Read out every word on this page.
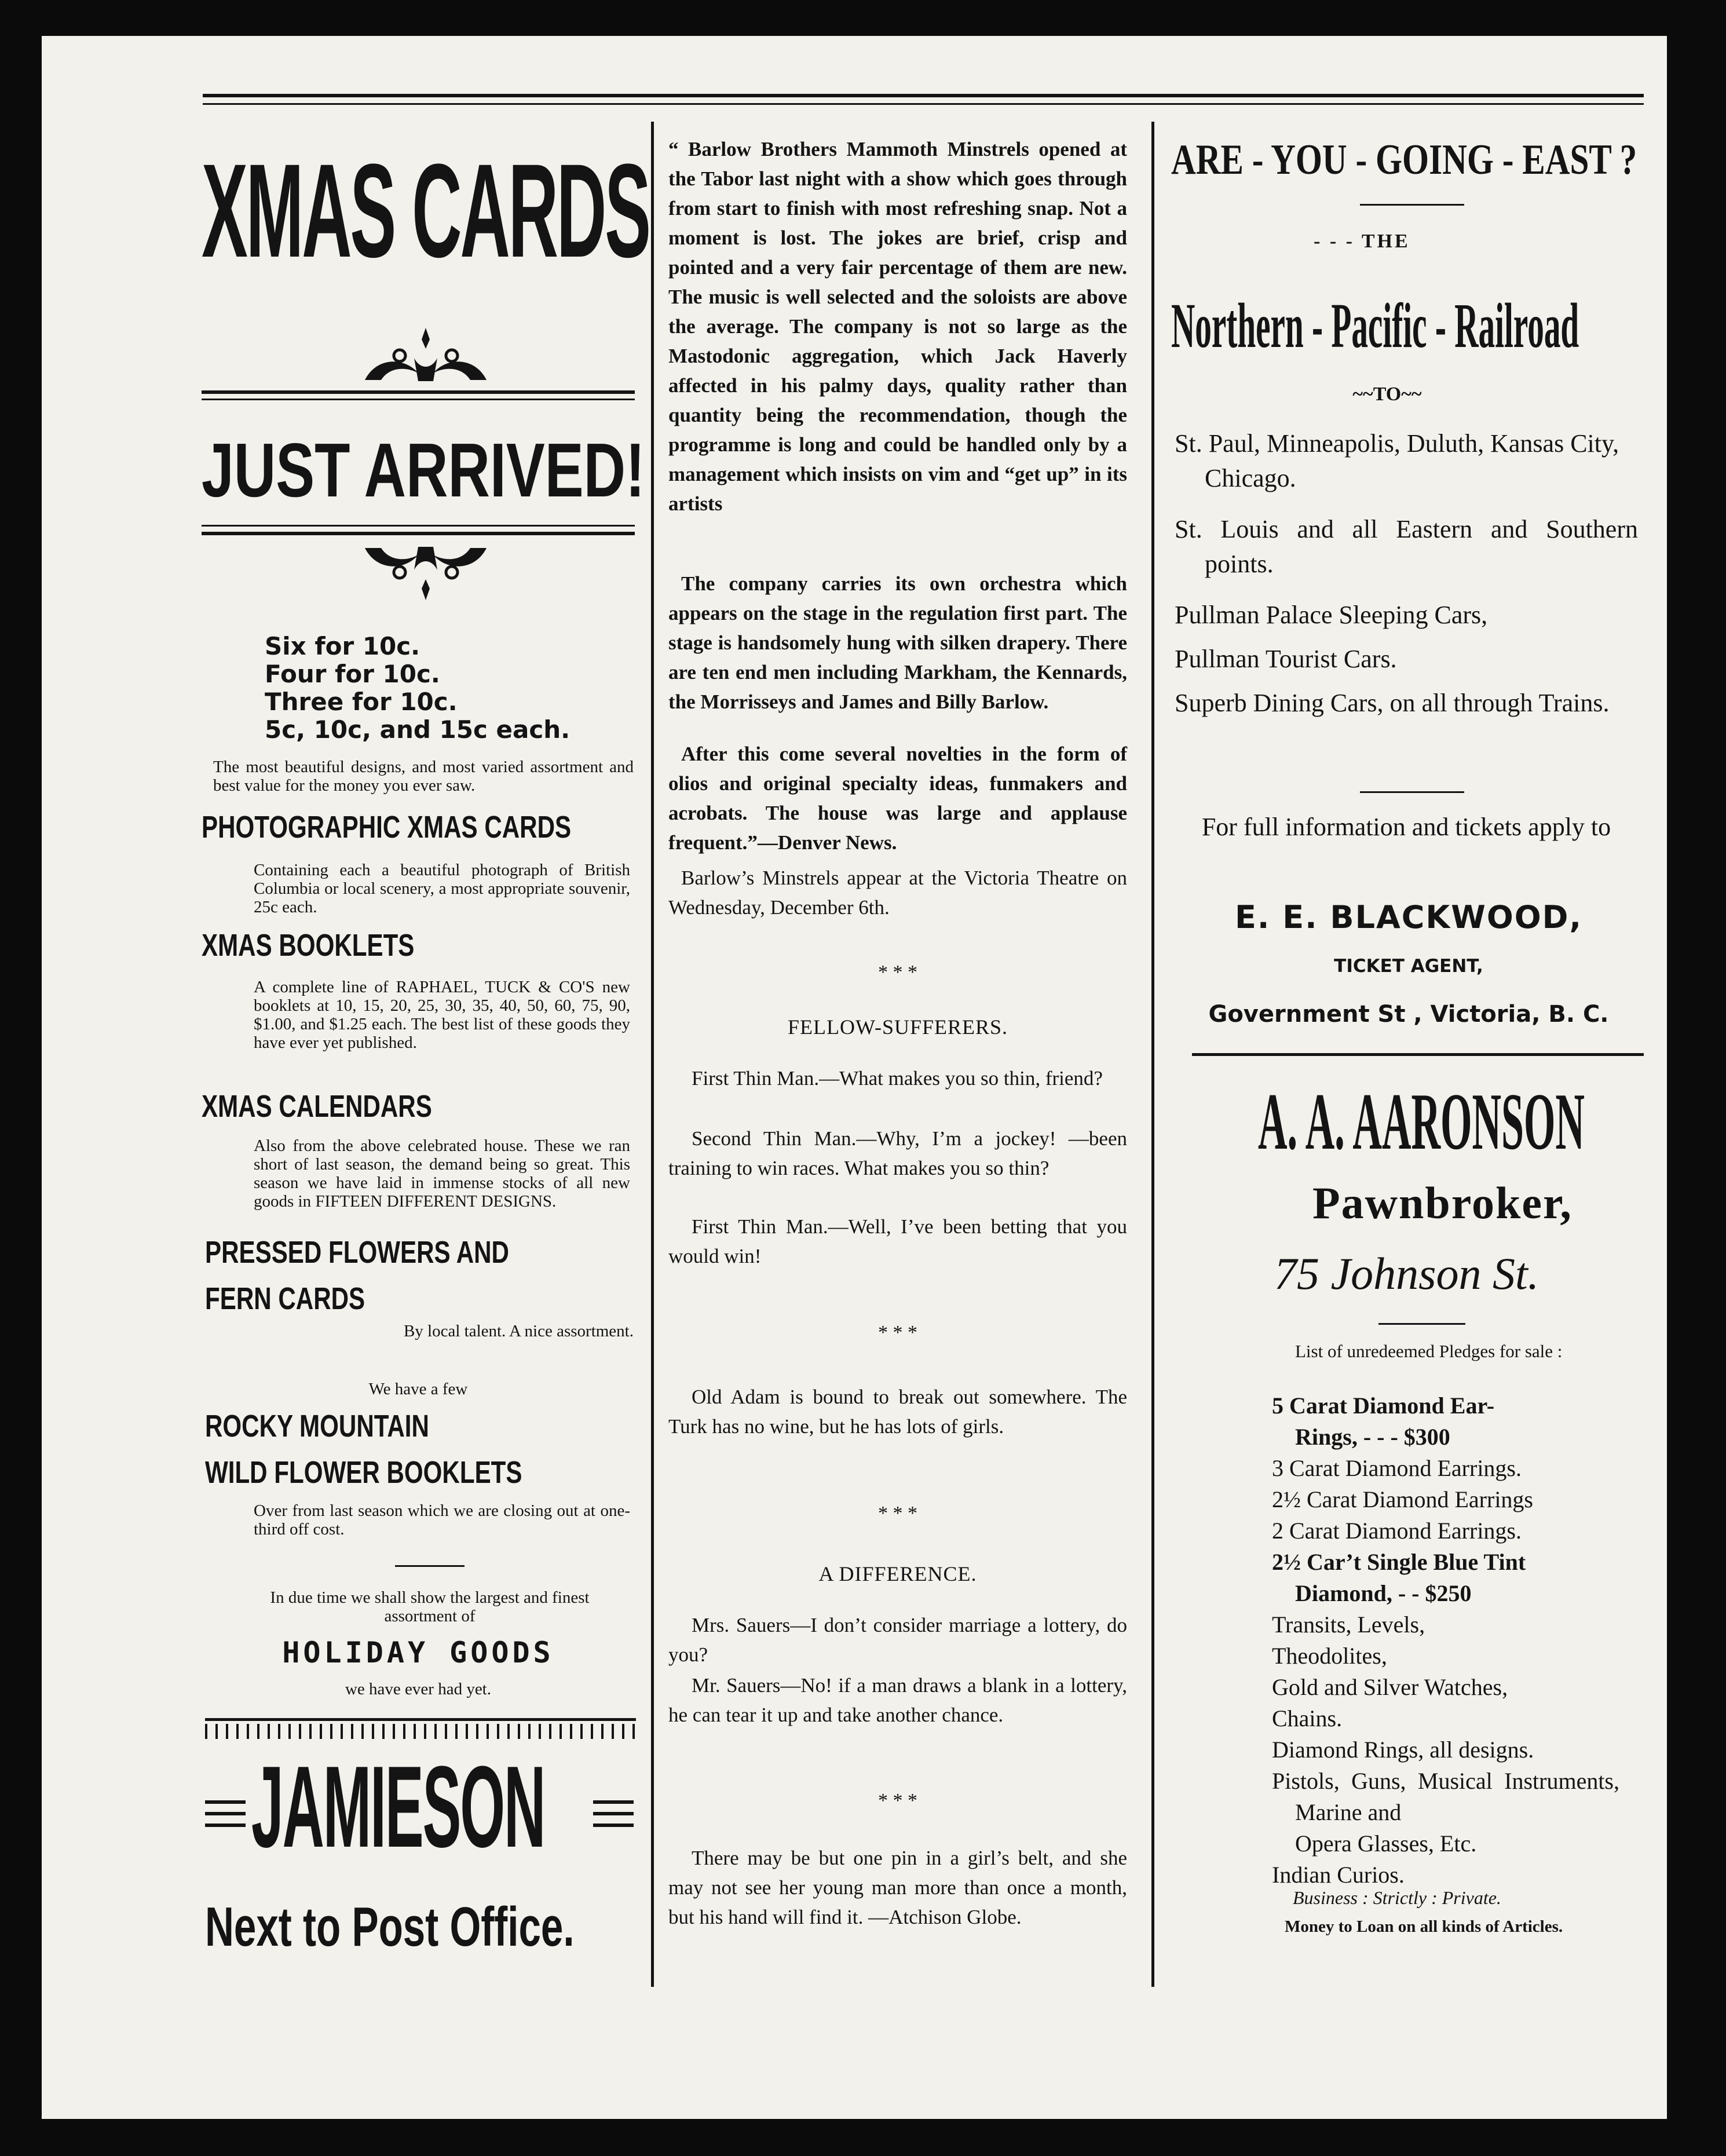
XMAS CARDS
JUST ARRIVED!
Six for 10c.
Four for 10c.
Three for 10c.
5c, 10c, and 15c each.
The most beautiful designs, and most varied assortment and best value for the money you ever saw.
PHOTOGRAPHIC XMAS CARDS
Containing each a beautiful photograph of British Columbia or local scenery, a most appropriate souvenir, 25c each.
XMAS BOOKLETS
A complete line of RAPHAEL, TUCK & CO'S new booklets at 10, 15, 20, 25, 30, 35, 40, 50, 60, 75, 90, $1.00, and $1.25 each. The best list of these goods they have ever yet published.
XMAS CALENDARS
Also from the above celebrated house. These we ran short of last season, the demand being so great. This season we have laid in immense stocks of all new goods in FIFTEEN DIFFERENT DESIGNS.
PRESSED FLOWERS AND
FERN CARDS
By local talent. A nice assortment.
We have a few
ROCKY MOUNTAIN
WILD FLOWER BOOKLETS
Over from last season which we are closing out at one-third off cost.
In due time we shall show the largest and finest assortment of
HOLIDAY GOODS
we have ever had yet.
JAMIESON
Next to Post Office.
“ Barlow Brothers Mammoth Minstrels opened at the Tabor last night with a show which goes through from start to finish with most refreshing snap. Not a moment is lost. The jokes are brief, crisp and pointed and a very fair percentage of them are new. The music is well selected and the soloists are above the average. The company is not so large as the Mastodonic aggregation, which Jack Haverly affected in his palmy days, quality rather than quantity being the recommendation, though the programme is long and could be handled only by a management which insists on vim and “get up” in its artists
The company carries its own orchestra which appears on the stage in the regulation first part. The stage is handsomely hung with silken drapery. There are ten end men including Markham, the Kennards, the Morrisseys and James and Billy Barlow.
After this come several novelties in the form of olios and original specialty ideas, funmakers and acrobats. The house was large and applause frequent.”—Denver News.
Barlow’s Minstrels appear at the Victoria Theatre on Wednesday, December 6th.
* * *
FELLOW-SUFFERERS.
First Thin Man.—What makes you so thin, friend?
Second Thin Man.—Why, I’m a jockey! —been training to win races. What makes you so thin?
First Thin Man.—Well, I’ve been betting that you would win!
* * *
Old Adam is bound to break out somewhere. The Turk has no wine, but he has lots of girls.
* * *
A DIFFERENCE.
Mrs. Sauers—I don’t consider marriage a lottery, do you?
Mr. Sauers—No! if a man draws a blank in a lottery, he can tear it up and take another chance.
* * *
There may be but one pin in a girl’s belt, and she may not see her young man more than once a month, but his hand will find it. —Atchison Globe.
ARE - YOU - GOING - EAST ?
- - - THE
Northern - Pacific - Railroad
~~TO~~
St. Paul, Minneapolis, Duluth, Kansas City, Chicago.
St. Louis and all Eastern and Southern points.
Pullman Palace Sleeping Cars,
Pullman Tourist Cars.
Superb Dining Cars, on all through Trains.
For full information and tickets apply to
E. E. BLACKWOOD,
TICKET AGENT,
Government St , Victoria, B. C.
A. A. AARONSON
Pawnbroker,
75 Johnson St.
List of unredeemed Pledges for sale :
5 Carat Diamond Ear-
Rings, - - - $300
3 Carat Diamond Earrings.
2½ Carat Diamond Earrings
2 Carat Diamond Earrings.
2½ Car’t Single Blue Tint
Diamond, - - $250
Transits, Levels,
Theodolites,
Gold and Silver Watches,
Chains.
Diamond Rings, all designs.
Pistols, Guns, Musical Instruments, Marine and
Opera Glasses, Etc.
Indian Curios.
Business : Strictly : Private.
Money to Loan on all kinds of Articles.
